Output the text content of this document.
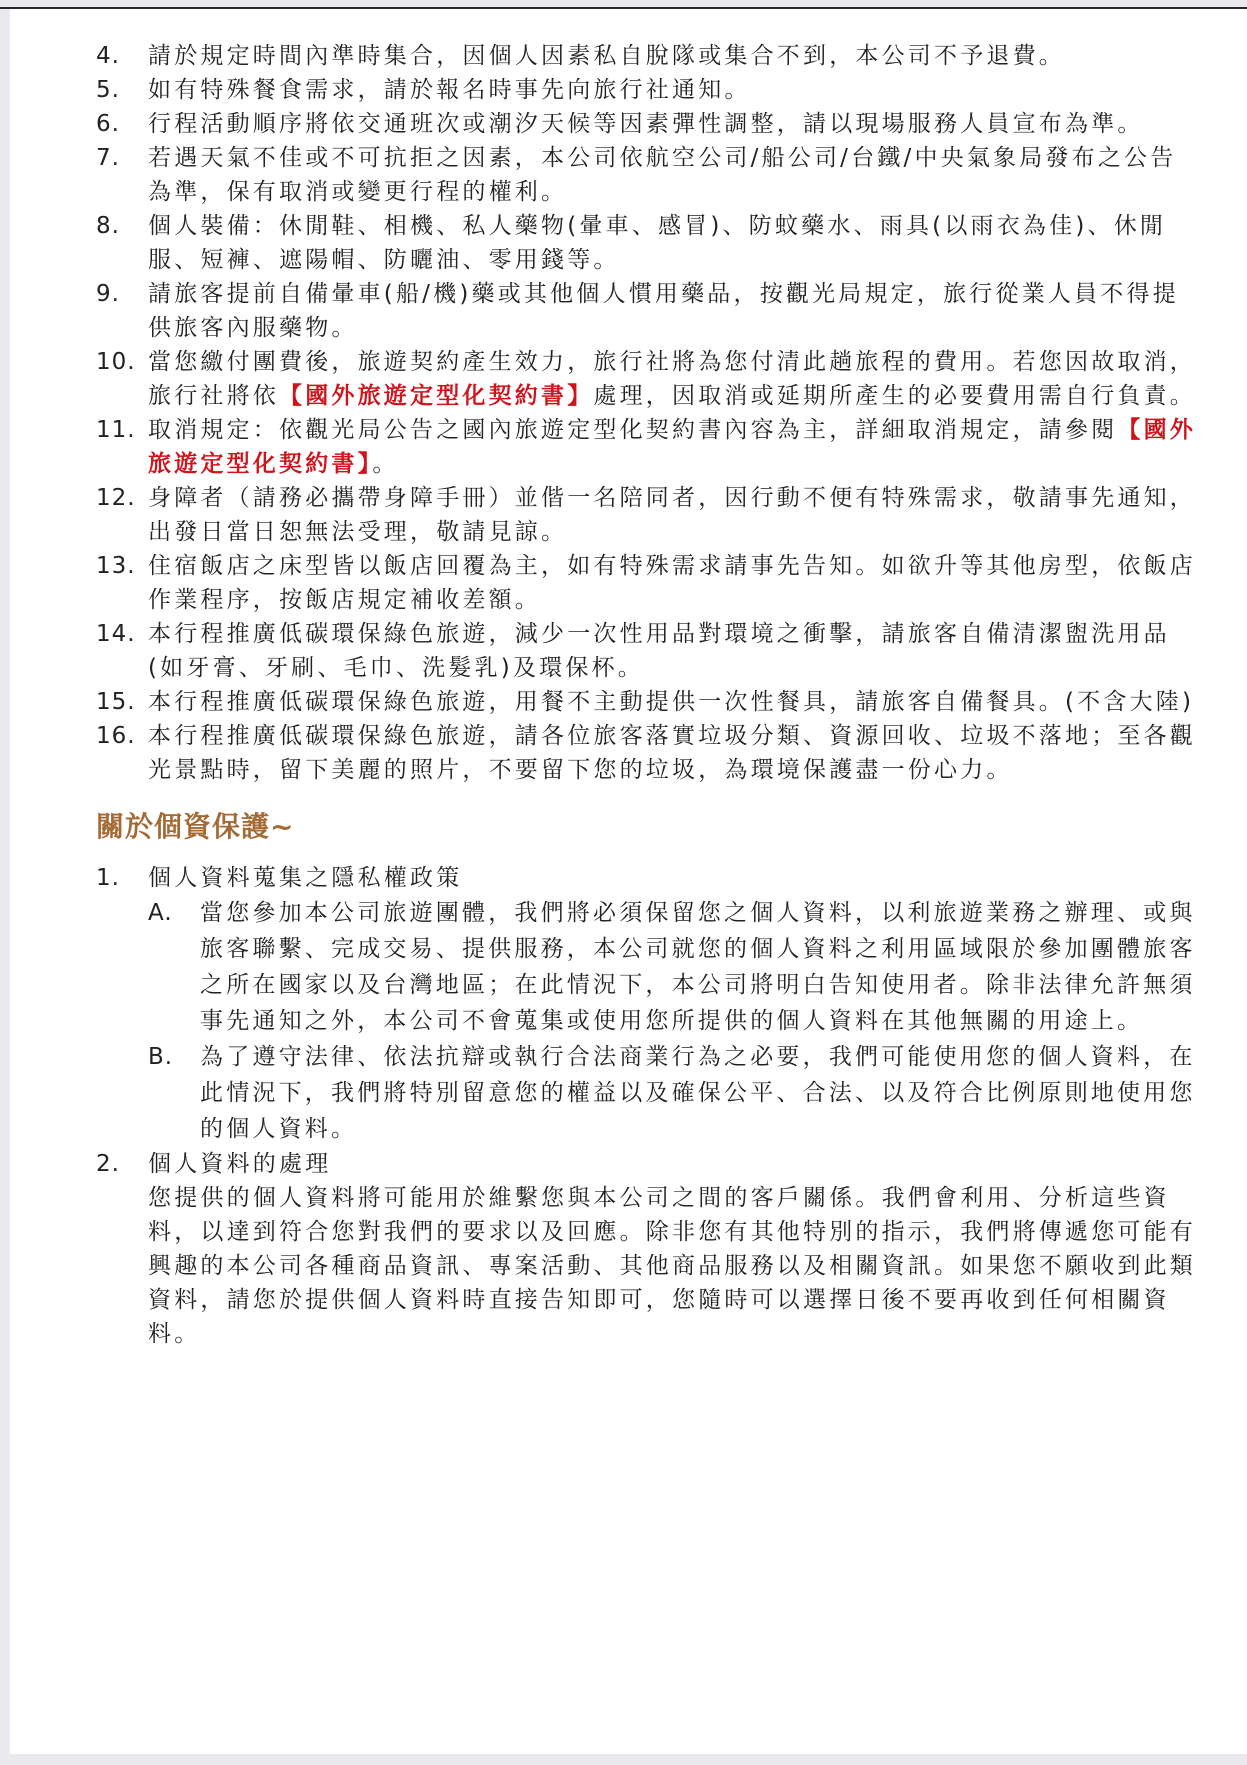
4. 請於規定時間內準時集合，因個人因素私自脫隊或集合不到，本公司不予退費。
5. 如有特殊餐食需求，請於報名時事先向旅行社通知。
6. 行程活動順序將依交通班次或潮汐天候等因素彈性調整，請以現場服務人員宣布為準。
7. 若遇天氣不佳或不可抗拒之因素，本公司依航空公司/船公司/台鐵/中央氣象局發布之公告為準，保有取消或變更行程的權利。
8. 個人裝備：休閒鞋、相機、私人藥物(暈車、感冒)、防蚊藥水、雨具(以雨衣為佳)、休閒服、短褲、遮陽帽、防曬油、零用錢等。
9. 請旅客提前自備暈車(船/機)藥或其他個人慣用藥品，按觀光局規定，旅行從業人員不得提供旅客內服藥物。
10. 當您繳付團費後，旅遊契約產生效力，旅行社將為您付清此趟旅程的費用。若您因故取消，旅行社將依【國外旅遊定型化契約書】處理，因取消或延期所產生的必要費用需自行負責。
11. 取消規定：依觀光局公告之國內旅遊定型化契約書內容為主，詳細取消規定，請參閱【國外旅遊定型化契約書】。
12. 身障者（請務必攜帶身障手冊）並偕一名陪同者，因行動不便有特殊需求，敬請事先通知，出發日當日恕無法受理，敬請見諒。
13. 住宿飯店之床型皆以飯店回覆為主，如有特殊需求請事先告知。如欲升等其他房型，依飯店作業程序，按飯店規定補收差額。
14. 本行程推廣低碳環保綠色旅遊，減少一次性用品對環境之衝擊，請旅客自備清潔盥洗用品(如牙膏、牙刷、毛巾、洗髮乳)及環保杯。
15. 本行程推廣低碳環保綠色旅遊，用餐不主動提供一次性餐具，請旅客自備餐具。(不含大陸)
16. 本行程推廣低碳環保綠色旅遊，請各位旅客落實垃圾分類、資源回收、垃圾不落地；至各觀光景點時，留下美麗的照片，不要留下您的垃圾，為環境保護盡一份心力。
關於個資保護~
1. 個人資料蒐集之隱私權政策
A. 當您參加本公司旅遊團體，我們將必須保留您之個人資料，以利旅遊業務之辦理、或與旅客聯繫、完成交易、提供服務，本公司就您的個人資料之利用區域限於參加團體旅客之所在國家以及台灣地區；在此情況下，本公司將明白告知使用者。除非法律允許無須事先通知之外，本公司不會蒐集或使用您所提供的個人資料在其他無關的用途上。
B. 為了遵守法律、依法抗辯或執行合法商業行為之必要，我們可能使用您的個人資料，在此情況下，我們將特別留意您的權益以及確保公平、合法、以及符合比例原則地使用您的個人資料。
2. 個人資料的處理
您提供的個人資料將可能用於維繫您與本公司之間的客戶關係。我們會利用、分析這些資料，以達到符合您對我們的要求以及回應。除非您有其他特別的指示，我們將傳遞您可能有興趣的本公司各種商品資訊、專案活動、其他商品服務以及相關資訊。如果您不願收到此類資料，請您於提供個人資料時直接告知即可，您隨時可以選擇日後不要再收到任何相關資料。
